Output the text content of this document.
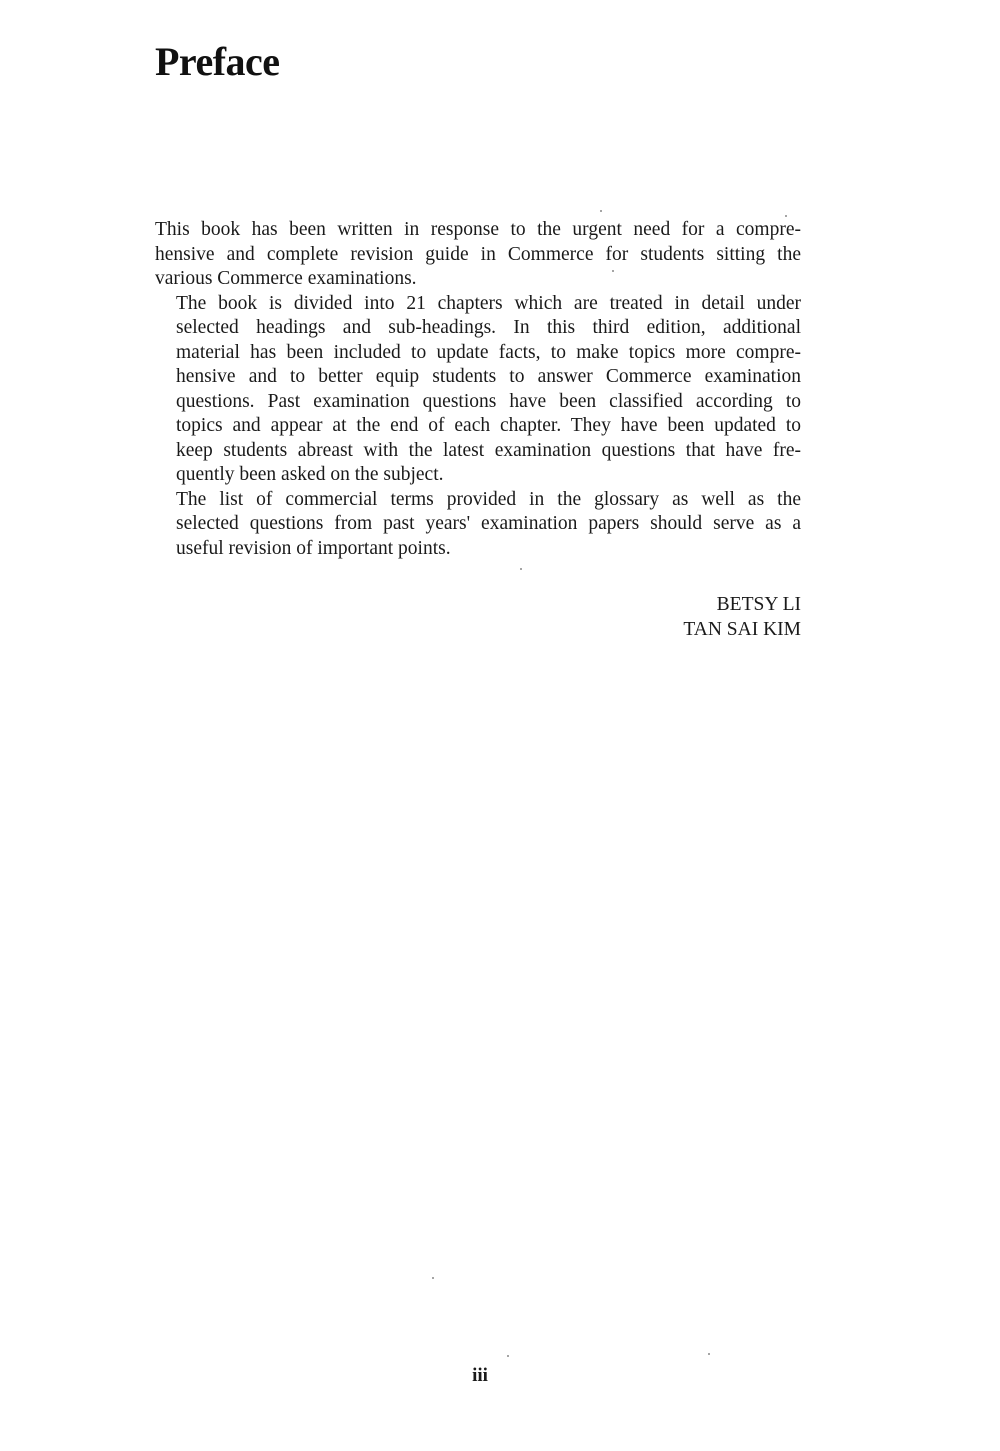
Preface

This book has been written in response to the urgent need for a compre-
hensive and complete revision guide in Commerce for students sitting the
various Commerce examinations.

The book is divided into 21 chapters which are treated in detail under
selected headings and sub-headings. In this third edition, additional
material has been included to update facts, to make topics more compre-
hensive and to better equip students to answer Commerce examination
questions. Past examination questions have been classified according to
topics and appear at the end of each chapter. They have been updated to
keep students abreast with the latest examination questions that have fre-
quently been asked on the subject.

The list of commercial terms provided in the glossary as well as the
selected questions from past years' examination papers should serve as a
useful revision of important points.

BETSY LI
TAN SAI KIM
iii
